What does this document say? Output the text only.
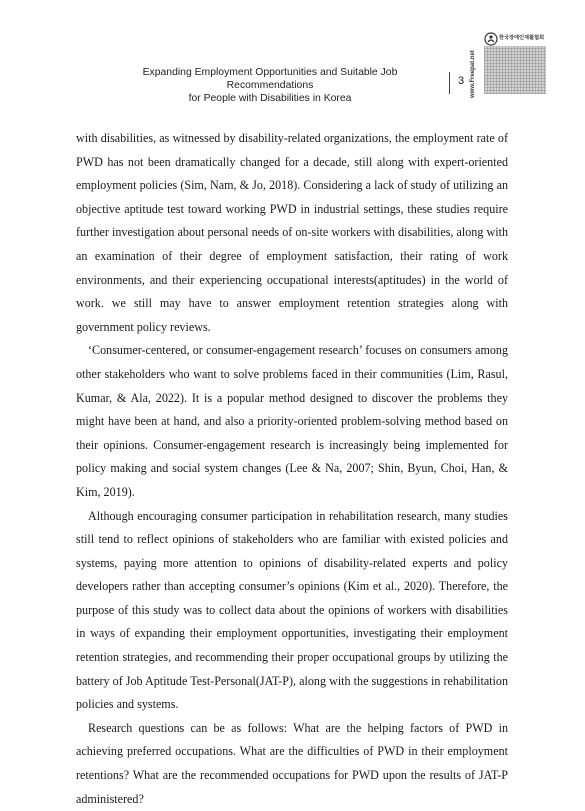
Expanding Employment Opportunities and Suitable Job Recommendations
for People with Disabilities in Korea
3 www.Freepat.net
한국장애인재활협회

with disabilities, as witnessed by disability-related organizations, the employment rate of PWD has not been dramatically changed for a decade, still along with expert-oriented employment policies (Sim, Nam, & Jo, 2018). Considering a lack of study of utilizing an objective aptitude test toward working PWD in industrial settings, these studies require further investigation about personal needs of on-site workers with disabilities, along with an examination of their degree of employment satisfaction, their rating of work environments, and their experiencing occupational interests(aptitudes) in the world of work. we still may have to answer employment retention strategies along with government policy reviews.

‘Consumer-centered, or consumer-engagement research’ focuses on consumers among other stakeholders who want to solve problems faced in their communities (Lim, Rasul, Kumar, & Ala, 2022). It is a popular method designed to discover the problems they might have been at hand, and also a priority-oriented problem-solving method based on their opinions. Consumer-engagement research is increasingly being implemented for policy making and social system changes (Lee & Na, 2007; Shin, Byun, Choi, Han, & Kim, 2019).

Although encouraging consumer participation in rehabilitation research, many studies still tend to reflect opinions of stakeholders who are familiar with existed policies and systems, paying more attention to opinions of disability-related experts and policy developers rather than accepting consumer’s opinions (Kim et al., 2020). Therefore, the purpose of this study was to collect data about the opinions of workers with disabilities in ways of expanding their employment opportunities, investigating their employment retention strategies, and recommending their proper occupational groups by utilizing the battery of Job Aptitude Test-Personal(JAT-P), along with the suggestions in rehabilitation policies and systems.

Research questions can be as follows: What are the helping factors of PWD in achieving preferred occupations. What are the difficulties of PWD in their employment retentions? What are the recommended occupations for PWD upon the results of JAT-P administered?
